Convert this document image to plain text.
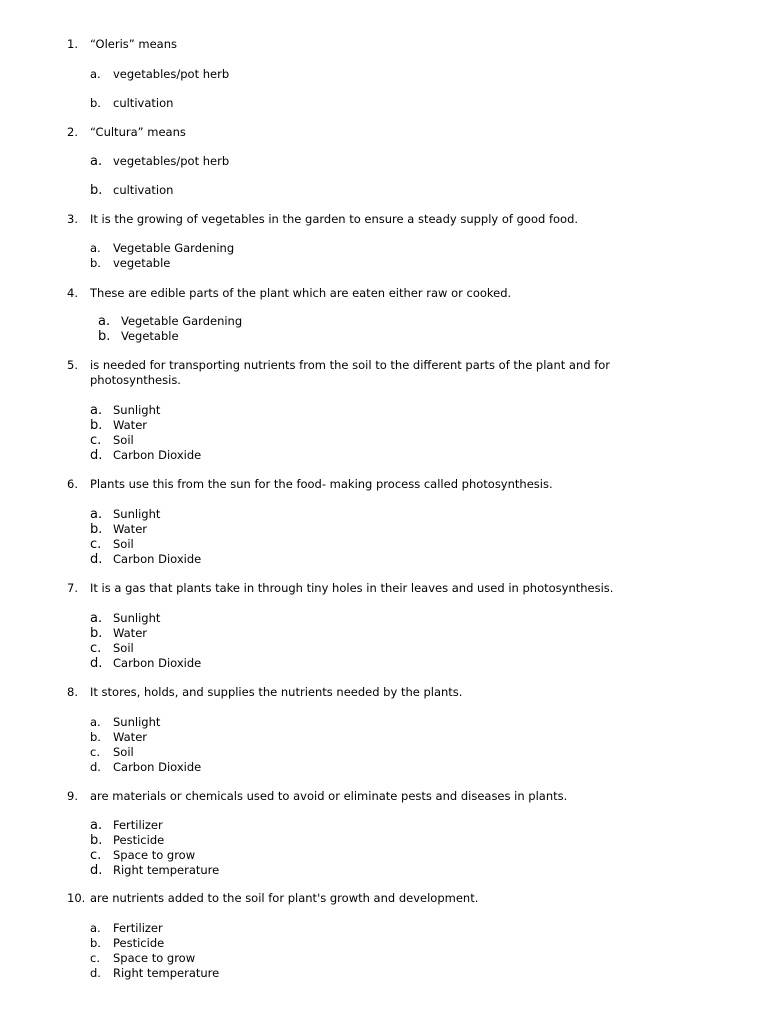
1. “Oleris” means
a. vegetables/pot herb
b. cultivation
2. “Cultura” means
a. vegetables/pot herb
b. cultivation
3. It is the growing of vegetables in the garden to ensure a steady supply of good food.
a. Vegetable Gardening
b. vegetable
4. These are edible parts of the plant which are eaten either raw or cooked.
a. Vegetable Gardening
b. Vegetable
5. is needed for transporting nutrients from the soil to the different parts of the plant and for photosynthesis.
a. Sunlight
b. Water
c. Soil
d. Carbon Dioxide
6. Plants use this from the sun for the food- making process called photosynthesis.
a. Sunlight
b. Water
c. Soil
d. Carbon Dioxide
7. It is a gas that plants take in through tiny holes in their leaves and used in photosynthesis.
a. Sunlight
b. Water
c. Soil
d. Carbon Dioxide
8. It stores, holds, and supplies the nutrients needed by the plants.
a. Sunlight
b. Water
c. Soil
d. Carbon Dioxide
9. are materials or chemicals used to avoid or eliminate pests and diseases in plants.
a. Fertilizer
b. Pesticide
c. Space to grow
d. Right temperature
10. are nutrients added to the soil for plant's growth and development.
a. Fertilizer
b. Pesticide
c. Space to grow
d. Right temperature
